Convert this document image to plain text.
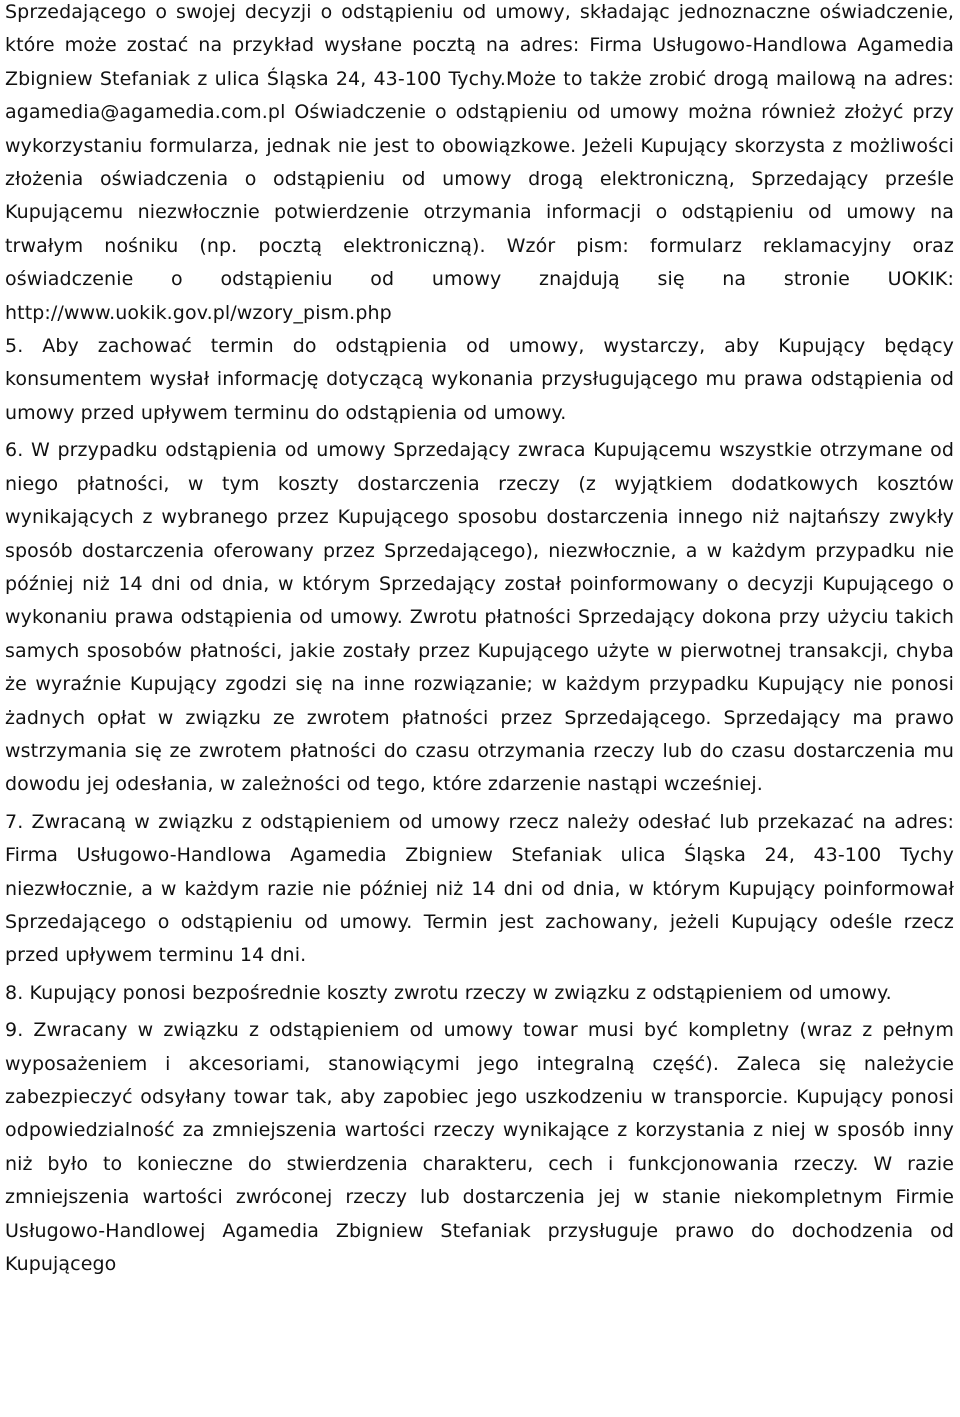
Sprzedającego o swojej decyzji o odstąpieniu od umowy, składając jednoznaczne oświadczenie, które może zostać na przykład wysłane pocztą na adres: Firma Usługowo-Handlowa Agamedia Zbigniew Stefaniak z ulica Śląska 24, 43-100 Tychy.Może to także zrobić drogą mailową na adres: agamedia@agamedia.com.pl Oświadczenie o odstąpieniu od umowy można również złożyć przy wykorzystaniu formularza, jednak nie jest to obowiązkowe. Jeżeli Kupujący skorzysta z możliwości złożenia oświadczenia o odstąpieniu od umowy drogą elektroniczną, Sprzedający prześle Kupującemu niezwłocznie potwierdzenie otrzymania informacji o odstąpieniu od umowy na trwałym nośniku (np. pocztą elektroniczną). Wzór pism: formularz reklamacyjny oraz oświadczenie o odstąpieniu od umowy znajdują się na stronie UOKIK: http://www.uokik.gov.pl/wzory_pism.php

5. Aby zachować termin do odstąpienia od umowy, wystarczy, aby Kupujący będący konsumentem wysłał informację dotyczącą wykonania przysługującego mu prawa odstąpienia od umowy przed upływem terminu do odstąpienia od umowy.

6. W przypadku odstąpienia od umowy Sprzedający zwraca Kupującemu wszystkie otrzymane od niego płatności, w tym koszty dostarczenia rzeczy (z wyjątkiem dodatkowych kosztów wynikających z wybranego przez Kupującego sposobu dostarczenia innego niż najtańszy zwykły sposób dostarczenia oferowany przez Sprzedającego), niezwłocznie, a w każdym przypadku nie później niż 14 dni od dnia, w którym Sprzedający został poinformowany o decyzji Kupującego o wykonaniu prawa odstąpienia od umowy. Zwrotu płatności Sprzedający dokona przy użyciu takich samych sposobów płatności, jakie zostały przez Kupującego użyte w pierwotnej transakcji, chyba że wyraźnie Kupujący zgodzi się na inne rozwiązanie; w każdym przypadku Kupujący nie ponosi żadnych opłat w związku ze zwrotem płatności przez Sprzedającego. Sprzedający ma prawo wstrzymania się ze zwrotem płatności do czasu otrzymania rzeczy lub do czasu dostarczenia mu dowodu jej odesłania, w zależności od tego, które zdarzenie nastąpi wcześniej.

7. Zwracaną w związku z odstąpieniem od umowy rzecz należy odesłać lub przekazać na adres: Firma Usługowo-Handlowa Agamedia Zbigniew Stefaniak ulica Śląska 24, 43-100 Tychy niezwłocznie, a w każdym razie nie później niż 14 dni od dnia, w którym Kupujący poinformował Sprzedającego o odstąpieniu od umowy. Termin jest zachowany, jeżeli Kupujący odeśle rzecz przed upływem terminu 14 dni.

8. Kupujący ponosi bezpośrednie koszty zwrotu rzeczy w związku z odstąpieniem od umowy.

9. Zwracany w związku z odstąpieniem od umowy towar musi być kompletny (wraz z pełnym wyposażeniem i akcesoriami, stanowiącymi jego integralną część). Zaleca się należycie zabezpieczyć odsyłany towar tak, aby zapobiec jego uszkodzeniu w transporcie. Kupujący ponosi odpowiedzialność za zmniejszenia wartości rzeczy wynikające z korzystania z niej w sposób inny niż było to konieczne do stwierdzenia charakteru, cech i funkcjonowania rzeczy. W razie zmniejszenia wartości zwróconej rzeczy lub dostarczenia jej w stanie niekompletnym Firmie Usługowo-Handlowej Agamedia Zbigniew Stefaniak przysługuje prawo do dochodzenia od Kupującego
